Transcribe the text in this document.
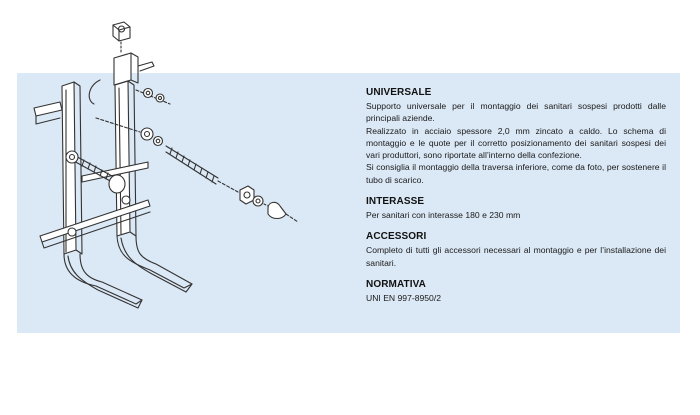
UNIVERSALE

Supporto universale per il montaggio dei sanitari sospesi prodotti dalle principali aziende.

Realizzato in acciaio spessore 2,0 mm zincato a caldo. Lo schema di montaggio e le quote per il corretto posizionamento dei sanitari sospesi dei vari produttori, sono riportate all’interno della confezione.

Si consiglia il montaggio della traversa inferiore, come da foto, per sostenere il tubo di scarico.

INTERASSE

Per sanitari con interasse 180 e 230 mm

ACCESSORI

Completo di tutti gli accessori necessari al montaggio e per l’installazione dei sanitari.

NORMATIVA

UNI EN 997-8950/2
